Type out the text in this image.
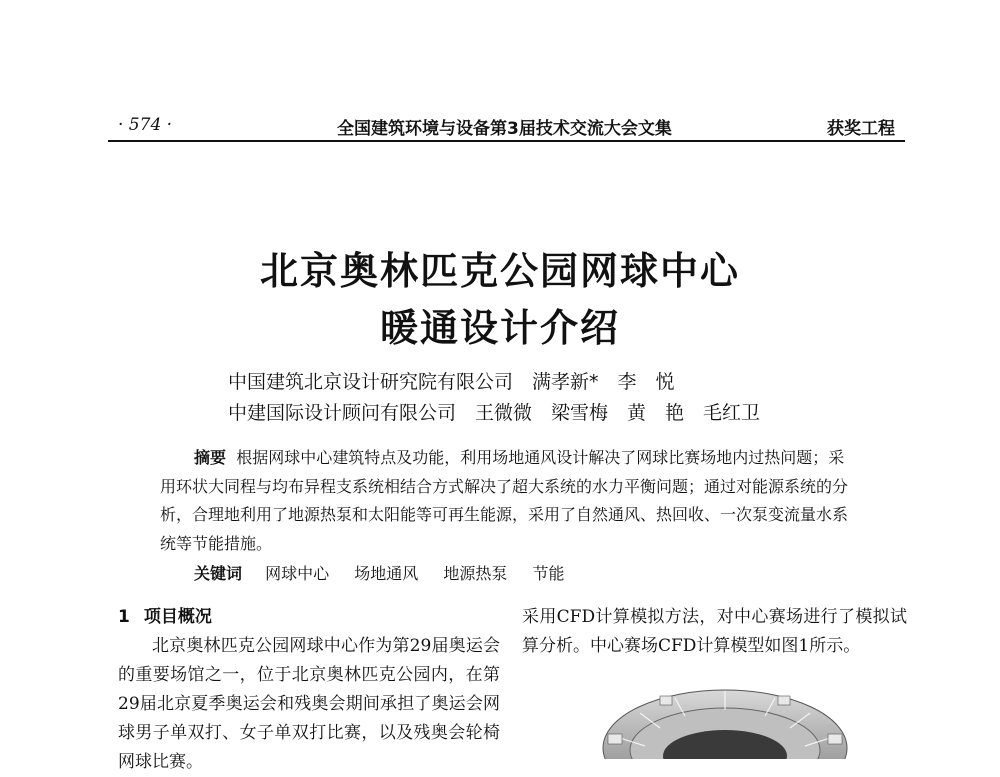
· 574 ·	全国建筑环境与设备第3届技术交流大会文集	获奖工程
北京奥林匹克公园网球中心
暖通设计介绍
中国建筑北京设计研究院有限公司　满孝新*　李　悦
中建国际设计顾问有限公司　王微微　梁雪梅　黄　艳　毛红卫
摘要 根据网球中心建筑特点及功能，利用场地通风设计解决了网球比赛场地内过热问题；采用环状大同程与均布异程支系统相结合方式解决了超大系统的水力平衡问题；通过对能源系统的分析，合理地利用了地源热泵和太阳能等可再生能源，采用了自然通风、热回收、一次泵变流量水系统等节能措施。
关键词 网球中心 场地通风 地源热泵 节能
1 项目概况

北京奥林匹克公园网球中心作为第29届奥运会的重要场馆之一，位于北京奥林匹克公园内，在第29届北京夏季奥运会和残奥会期间承担了奥运会网球男子单双打、女子单双打比赛，以及残奥会轮椅网球比赛。

采用CFD计算模拟方法，对中心赛场进行了模拟试算分析。中心赛场CFD计算模型如图1所示。
